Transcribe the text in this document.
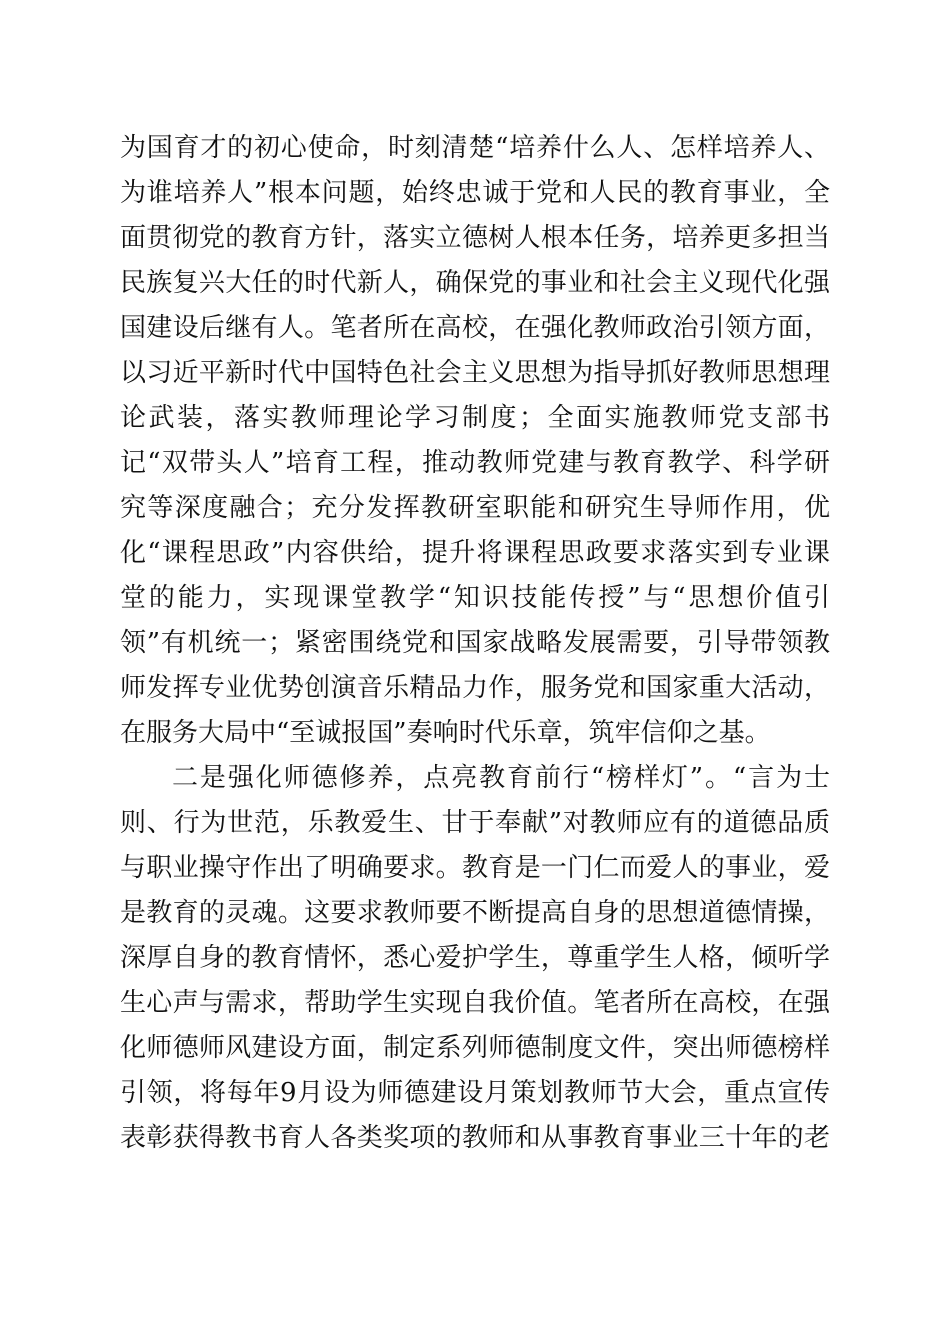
为国育才的初心使命，时刻清楚“培养什么人、怎样培养人、
为谁培养人”根本问题，始终忠诚于党和人民的教育事业，全
面贯彻党的教育方针，落实立德树人根本任务，培养更多担当
民族复兴大任的时代新人，确保党的事业和社会主义现代化强
国建设后继有人。笔者所在高校，在强化教师政治引领方面，
以习近平新时代中国特色社会主义思想为指导抓好教师思想理
论武装，落实教师理论学习制度；全面实施教师党支部书
记“双带头人”培育工程，推动教师党建与教育教学、科学研
究等深度融合；充分发挥教研室职能和研究生导师作用，优
化“课程思政”内容供给，提升将课程思政要求落实到专业课
堂的能力，实现课堂教学“知识技能传授”与“思想价值引
领”有机统一；紧密围绕党和国家战略发展需要，引导带领教
师发挥专业优势创演音乐精品力作，服务党和国家重大活动，
在服务大局中“至诚报国”奏响时代乐章，筑牢信仰之基。
二是强化师德修养，点亮教育前行“榜样灯”。“言为士
则、行为世范，乐教爱生、甘于奉献”对教师应有的道德品质
与职业操守作出了明确要求。教育是一门仁而爱人的事业，爱
是教育的灵魂。这要求教师要不断提高自身的思想道德情操，
深厚自身的教育情怀，悉心爱护学生，尊重学生人格，倾听学
生心声与需求，帮助学生实现自我价值。笔者所在高校，在强
化师德师风建设方面，制定系列师德制度文件，突出师德榜样
引领，将每年9月设为师德建设月策划教师节大会，重点宣传
表彰获得教书育人各类奖项的教师和从事教育事业三十年的老
